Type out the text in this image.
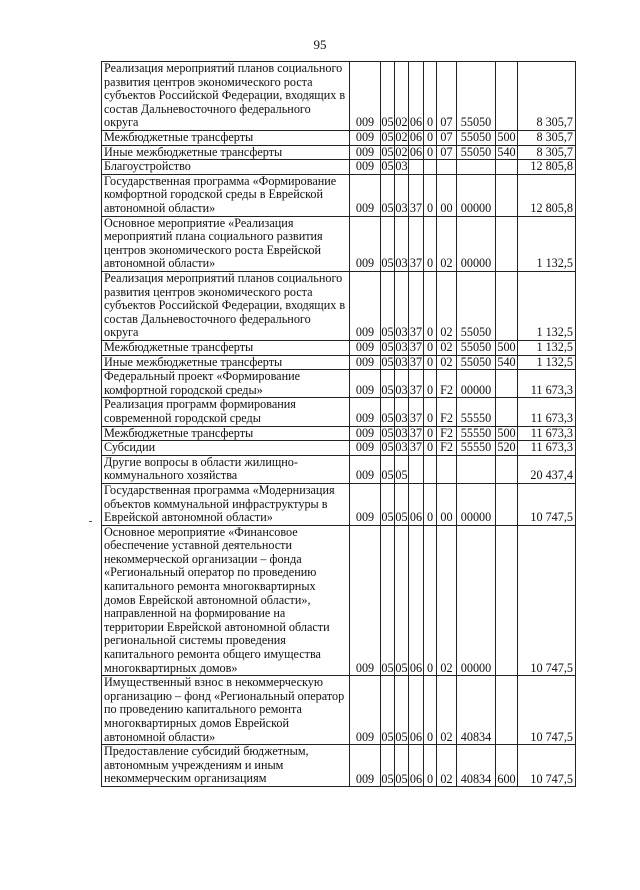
95
Реализация мероприятий планов социального развития центров экономического роста субъектов Российской Федерации, входящих в состав Дальневосточного федерального округа	009	05	02	06	0	07	55050		8 305,7
Межбюджетные трансферты	009	05	02	06	0	07	55050	500	8 305,7
Иные межбюджетные трансферты	009	05	02	06	0	07	55050	540	8 305,7
Благоустройство	009	05	03						12 805,8
Государственная программа «Формирование комфортной городской среды в Еврейской автономной области»	009	05	03	37	0	00	00000		12 805,8
Основное мероприятие «Реализация мероприятий плана социального развития центров экономического роста Еврейской автономной области»	009	05	03	37	0	02	00000		1 132,5
Реализация мероприятий планов социального развития центров экономического роста субъектов Российской Федерации, входящих в состав Дальневосточного федерального округа	009	05	03	37	0	02	55050		1 132,5
Межбюджетные трансферты	009	05	03	37	0	02	55050	500	1 132,5
Иные межбюджетные трансферты	009	05	03	37	0	02	55050	540	1 132,5
Федеральный проект «Формирование комфортной городской среды»	009	05	03	37	0	F2	00000		11 673,3
Реализация программ формирования современной городской среды	009	05	03	37	0	F2	55550		11 673,3
Межбюджетные трансферты	009	05	03	37	0	F2	55550	500	11 673,3
Субсидии	009	05	03	37	0	F2	55550	520	11 673,3
Другие вопросы в области жилищно-коммунального хозяйства	009	05	05						20 437,4
Государственная программа «Модернизация объектов коммунальной инфраструктуры в Еврейской автономной области»	009	05	05	06	0	00	00000		10 747,5
Основное мероприятие «Финансовое обеспечение уставной деятельности некоммерческой организации – фонда «Региональный оператор по проведению капитального ремонта многоквартирных домов Еврейской автономной области», направленной на формирование на территории Еврейской автономной области региональной системы проведения капитального ремонта общего имущества многоквартирных домов»	009	05	05	06	0	02	00000		10 747,5
Имущественный взнос в некоммерческую организацию – фонд «Региональный оператор по проведению капитального ремонта многоквартирных домов Еврейской автономной области»	009	05	05	06	0	02	40834		10 747,5
Предоставление субсидий бюджетным, автономным учреждениям и иным некоммерческим организациям	009	05	05	06	0	02	40834	600	10 747,5
